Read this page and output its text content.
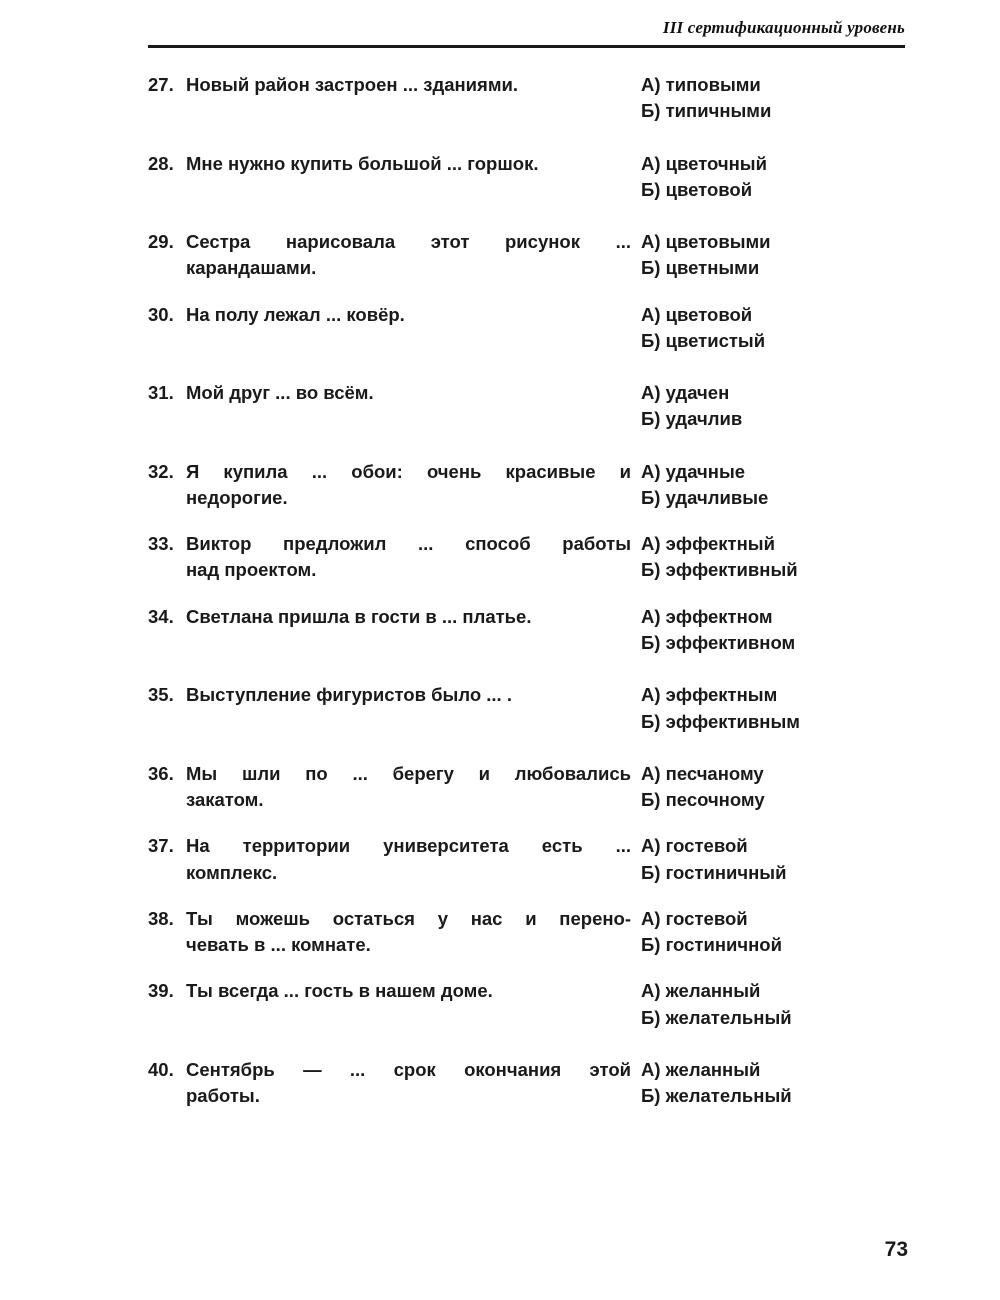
III сертификационный уровень
27. Новый район застроен ... зданиями.	А) типовыми
Б) типичными
28. Мне нужно купить большой ... горшок.	А) цветочный
Б) цветовой
29. Сестра нарисовала этот рисунок ...
карандашами.
А) цветовыми
Б) цветными
30. На полу лежал ... ковёр.	А) цветовой
Б) цветистый
31. Мой друг ... во всём.	А) удачен
Б) удачлив
32. Я купила ... обои: очень красивые и
недорогие.
А) удачные
Б) удачливые
33. Виктор предложил ... способ работы
над проектом.
А) эффектный
Б) эффективный
34. Светлана пришла в гости в ... платье.	А) эффектном
Б) эффективном
35. Выступление фигуристов было ... .	А) эффектным
Б) эффективным
36. Мы шли по ... берегу и любовались
закатом.
А) песчаному
Б) песочному
37. На территории университета есть ...
комплекс.
А) гостевой
Б) гостиничный
38. Ты можешь остаться у нас и перено-
чевать в ... комнате.
А) гостевой
Б) гостиничной
39. Ты всегда ... гость в нашем доме.	А) желанный
Б) желательный
40. Сентябрь — ... срок окончания этой
работы.
А) желанный
Б) желательный
73
